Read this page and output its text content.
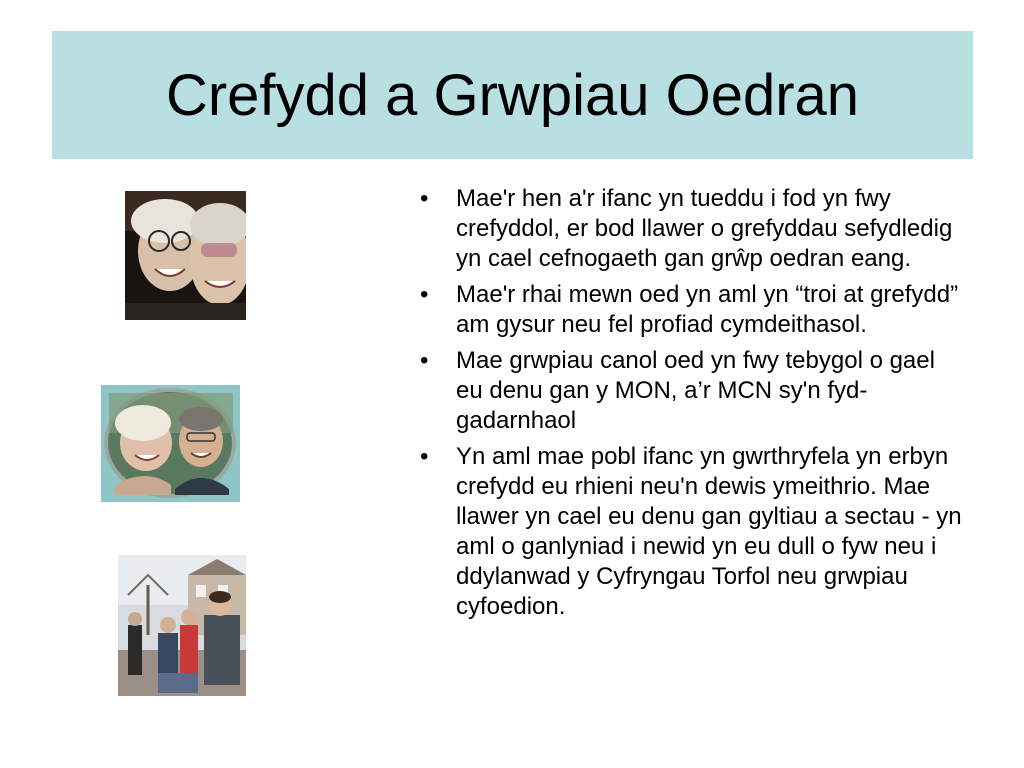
Crefydd a Grwpiau Oedran
• Mae'r hen a'r ifanc yn tueddu i fod yn fwy crefyddol, er bod llawer o grefyddau sefydledig yn cael cefnogaeth gan grŵp oedran eang.
• Mae'r rhai mewn oed yn aml yn “troi at grefydd” am gysur neu fel profiad cymdeithasol.
• Mae grwpiau canol oed yn fwy tebygol o gael eu denu gan y MON, a’r MCN sy'n fyd-gadarnhaol
• Yn aml mae pobl ifanc yn gwrthryfela yn erbyn crefydd eu rhieni neu'n dewis ymeithrio. Mae llawer yn cael eu denu gan gyltiau a sectau - yn aml o ganlyniad i newid yn eu dull o fyw neu i ddylanwad y Cyfryngau Torfol neu grwpiau cyfoedion.
